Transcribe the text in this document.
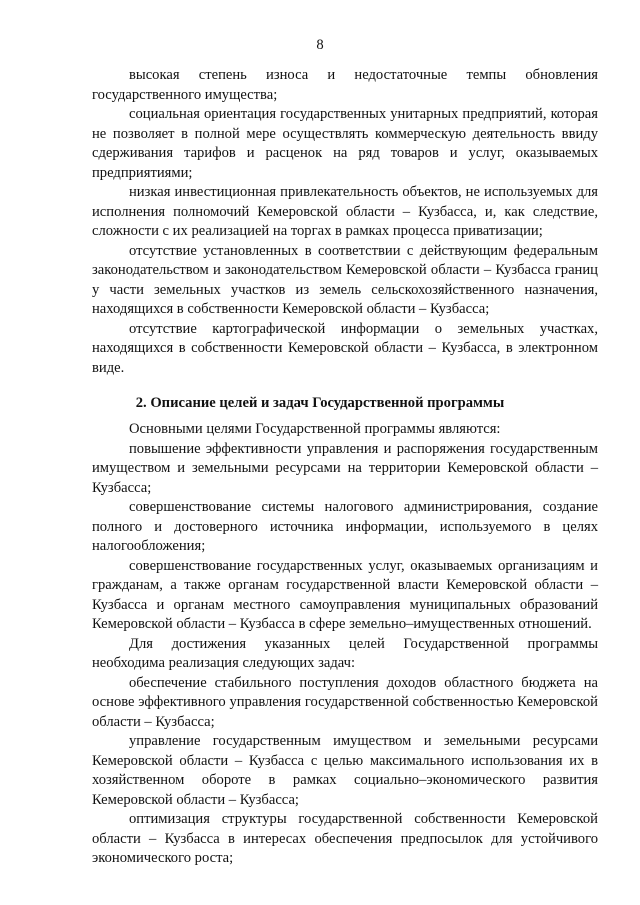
8

высокая степень износа и недостаточные темпы обновления государственного имущества;

социальная ориентация государственных унитарных предприятий, которая не позволяет в полной мере осуществлять коммерческую деятельность ввиду сдерживания тарифов и расценок на ряд товаров и услуг, оказываемых предприятиями;

низкая инвестиционная привлекательность объектов, не используемых для исполнения полномочий Кемеровской области – Кузбасса, и, как следствие, сложности с их реализацией на торгах в рамках процесса приватизации;

отсутствие установленных в соответствии с действующим федеральным законодательством и законодательством Кемеровской области – Кузбасса границ у части земельных участков из земель сельскохозяйственного назначения, находящихся в собственности Кемеровской области – Кузбасса;

отсутствие картографической информации о земельных участках, находящихся в собственности Кемеровской области – Кузбасса, в электронном виде.

2. Описание целей и задач Государственной программы

Основными целями Государственной программы являются:

повышение эффективности управления и распоряжения государственным имуществом и земельными ресурсами на территории Кемеровской области – Кузбасса;

совершенствование системы налогового администрирования, создание полного и достоверного источника информации, используемого в целях налогообложения;

совершенствование государственных услуг, оказываемых организациям и гражданам, а также органам государственной власти Кемеровской области – Кузбасса и органам местного самоуправления муниципальных образований Кемеровской области – Кузбасса в сфере земельно–имущественных отношений.

Для достижения указанных целей Государственной программы необходима реализация следующих задач:

обеспечение стабильного поступления доходов областного бюджета на основе эффективного управления государственной собственностью Кемеровской области – Кузбасса;

управление государственным имуществом и земельными ресурсами Кемеровской области – Кузбасса с целью максимального использования их в хозяйственном обороте в рамках социально–экономического развития Кемеровской области – Кузбасса;

оптимизация структуры государственной собственности Кемеровской области – Кузбасса в интересах обеспечения предпосылок для устойчивого экономического роста;
